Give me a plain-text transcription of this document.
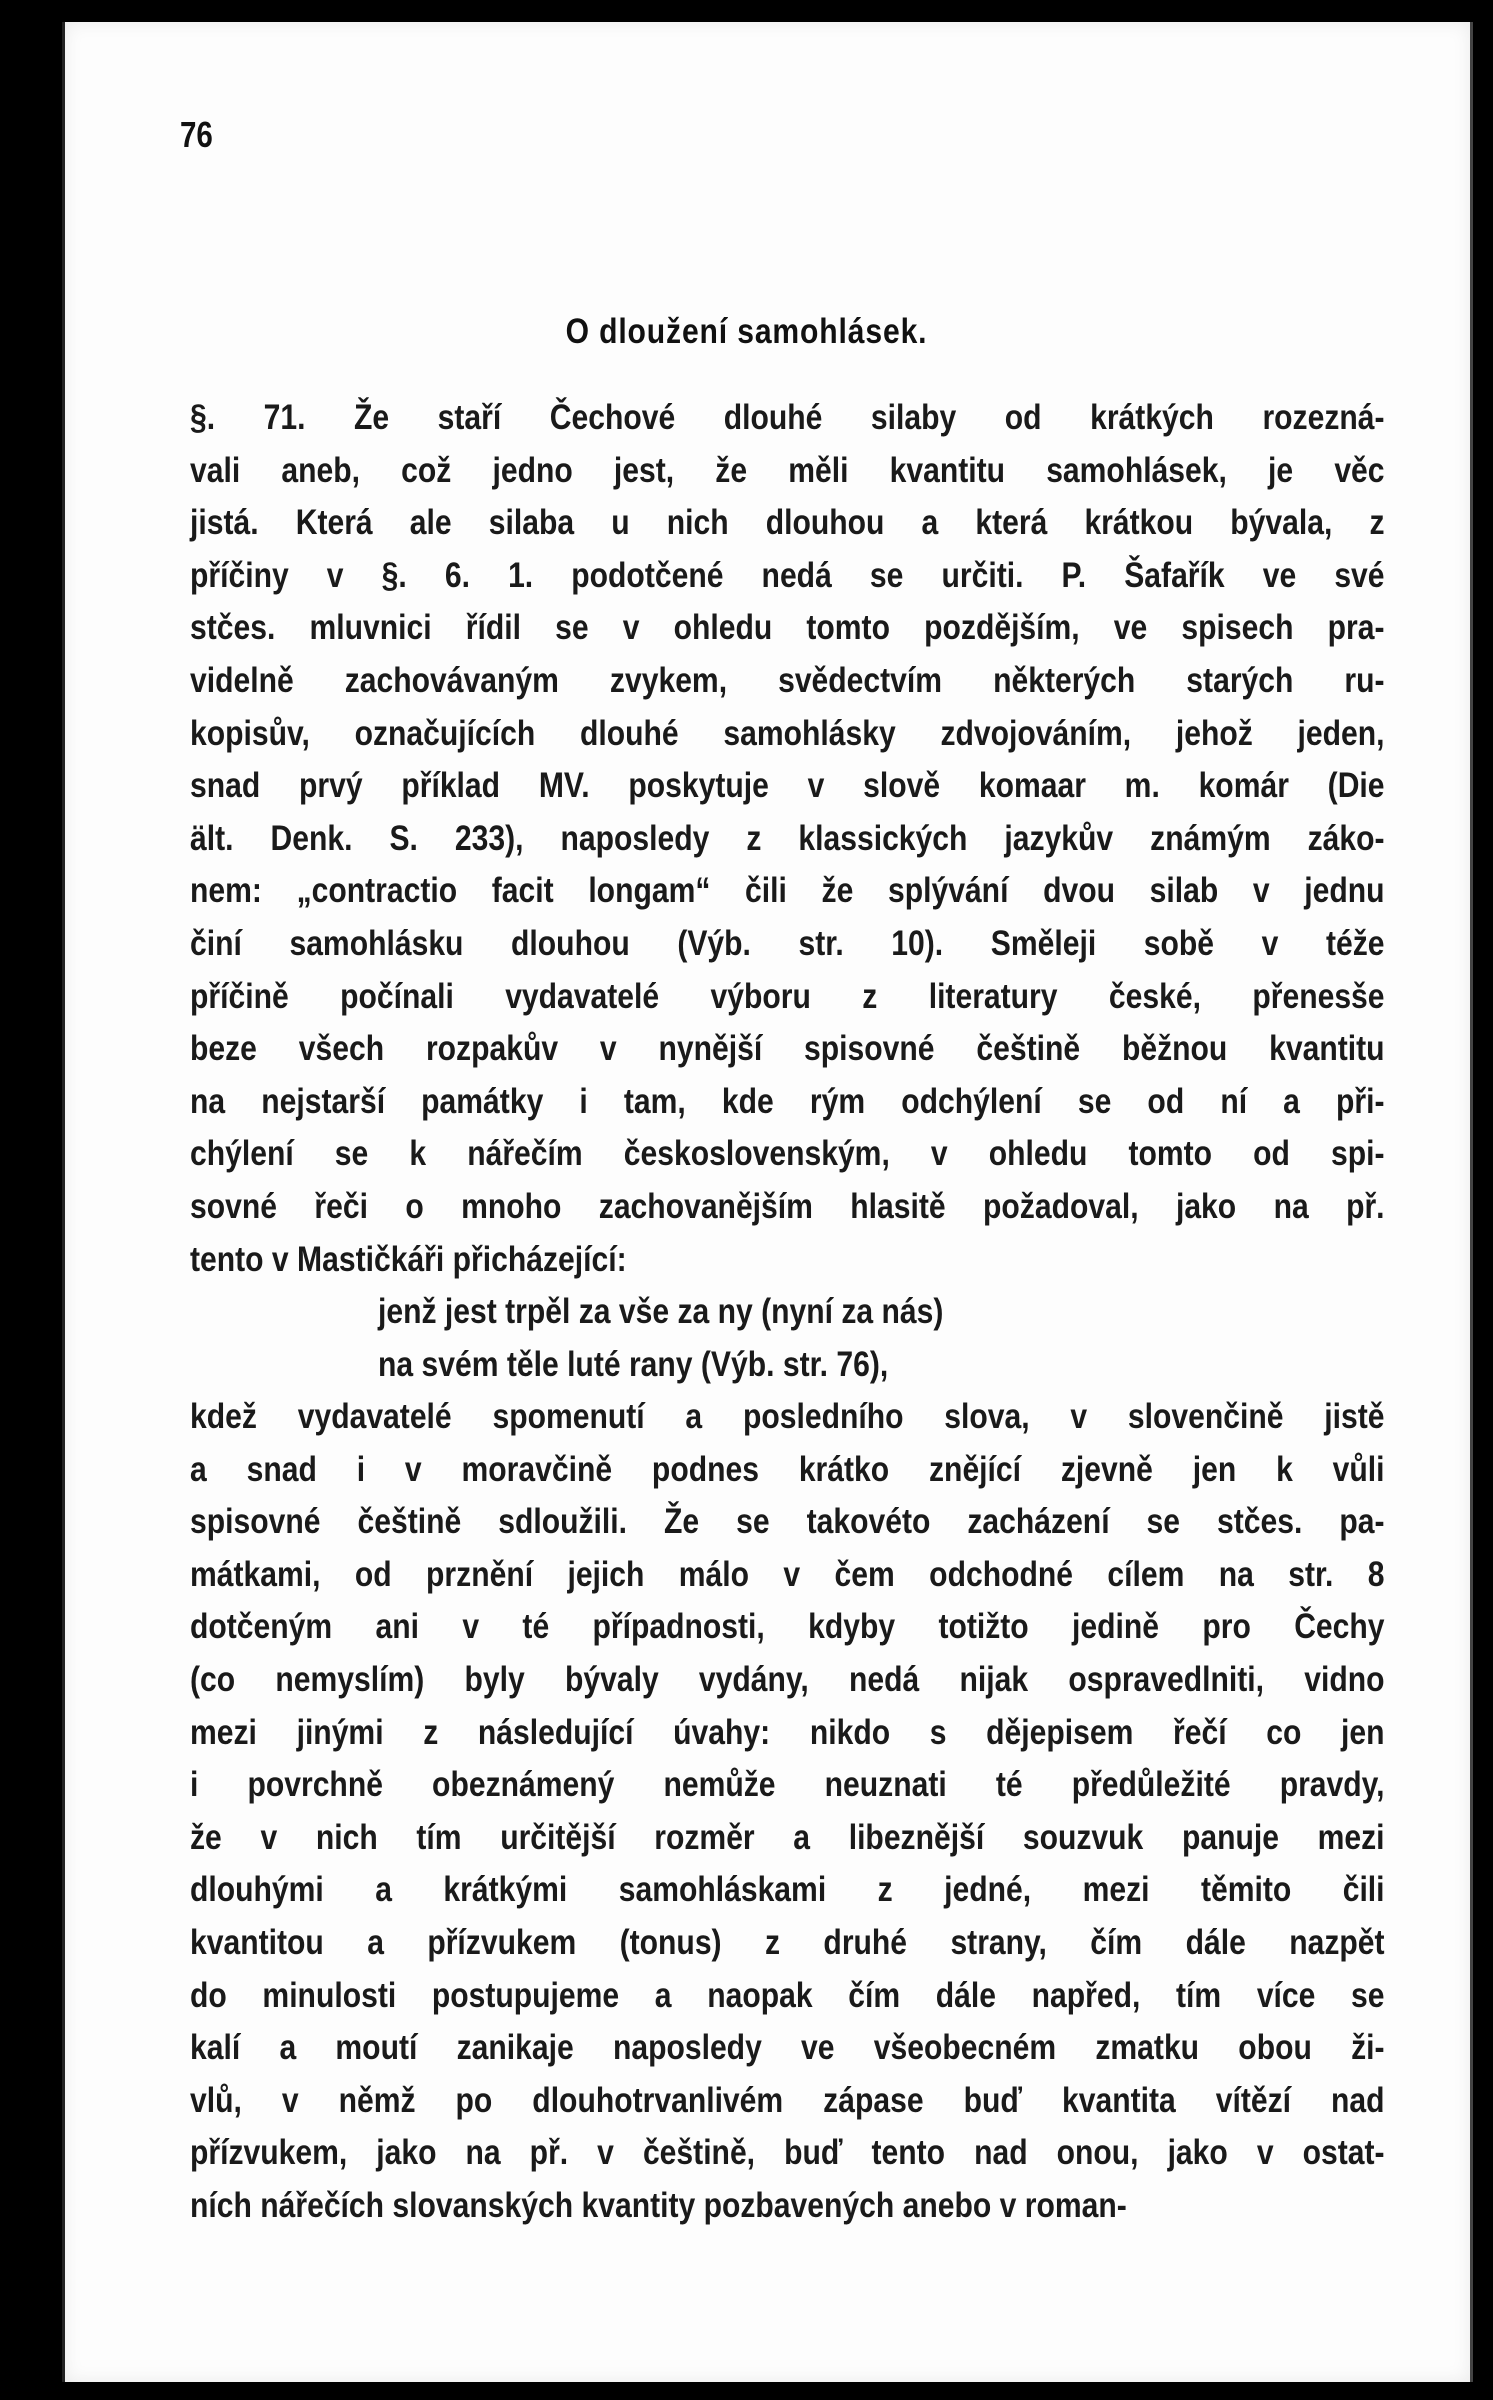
76
O dloužení samohlásek.
§. 71. Že staří Čechové dlouhé silaby od krátkých rozezná-
vali aneb, což jedno jest, že měli kvantitu samohlásek, je věc
jistá. Která ale silaba u nich dlouhou a která krátkou bývala, z
příčiny v §. 6. 1. podotčené nedá se určiti. P. Šafařík ve své
stčes. mluvnici řídil se v ohledu tomto pozdějším, ve spisech pra-
videlně zachovávaným zvykem, svědectvím některých starých ru-
kopisův, označujících dlouhé samohlásky zdvojováním, jehož jeden,
snad prvý příklad MV. poskytuje v slově komaar m. komár (Die
ält. Denk. S. 233), naposledy z klassických jazykův známým záko-
nem: „contractio facit longam“ čili že splývání dvou silab v jednu
činí samohlásku dlouhou (Výb. str. 10). Směleji sobě v téže
příčině počínali vydavatelé výboru z literatury české, přenesše
beze všech rozpakův v nynější spisovné češtině běžnou kvantitu
na nejstarší památky i tam, kde rým odchýlení se od ní a při-
chýlení se k nářečím československým, v ohledu tomto od spi-
sovné řeči o mnoho zachovanějším hlasitě požadoval, jako na př.
tento v Mastičkáři přicházející:
jenž jest trpěl za vše za ny (nyní za nás)
na svém těle luté rany (Výb. str. 76),
kdež vydavatelé spomenutí a posledního slova, v slovenčině jistě
a snad i v moravčině podnes krátko znějící zjevně jen k vůli
spisovné češtině sdloužili. Že se takovéto zacházení se stčes. pa-
mátkami, od prznění jejich málo v čem odchodné cílem na str. 8
dotčeným ani v té případnosti, kdyby totižto jedině pro Čechy
(co nemyslím) byly bývaly vydány, nedá nijak ospravedlniti, vidno
mezi jinými z následující úvahy: nikdo s dějepisem řečí co jen
i povrchně obeznámený nemůže neuznati té předůležité pravdy,
že v nich tím určitější rozměr a libeznější souzvuk panuje mezi
dlouhými a krátkými samohláskami z jedné, mezi těmito čili
kvantitou a přízvukem (tonus) z druhé strany, čím dále nazpět
do minulosti postupujeme a naopak čím dále napřed, tím více se
kalí a moutí zanikaje naposledy ve všeobecném zmatku obou ži-
vlů, v němž po dlouhotrvanlivém zápase buď kvantita vítězí nad
přízvukem, jako na př. v češtině, buď tento nad onou, jako v ostat-
ních nářečích slovanských kvantity pozbavených anebo v roman-
